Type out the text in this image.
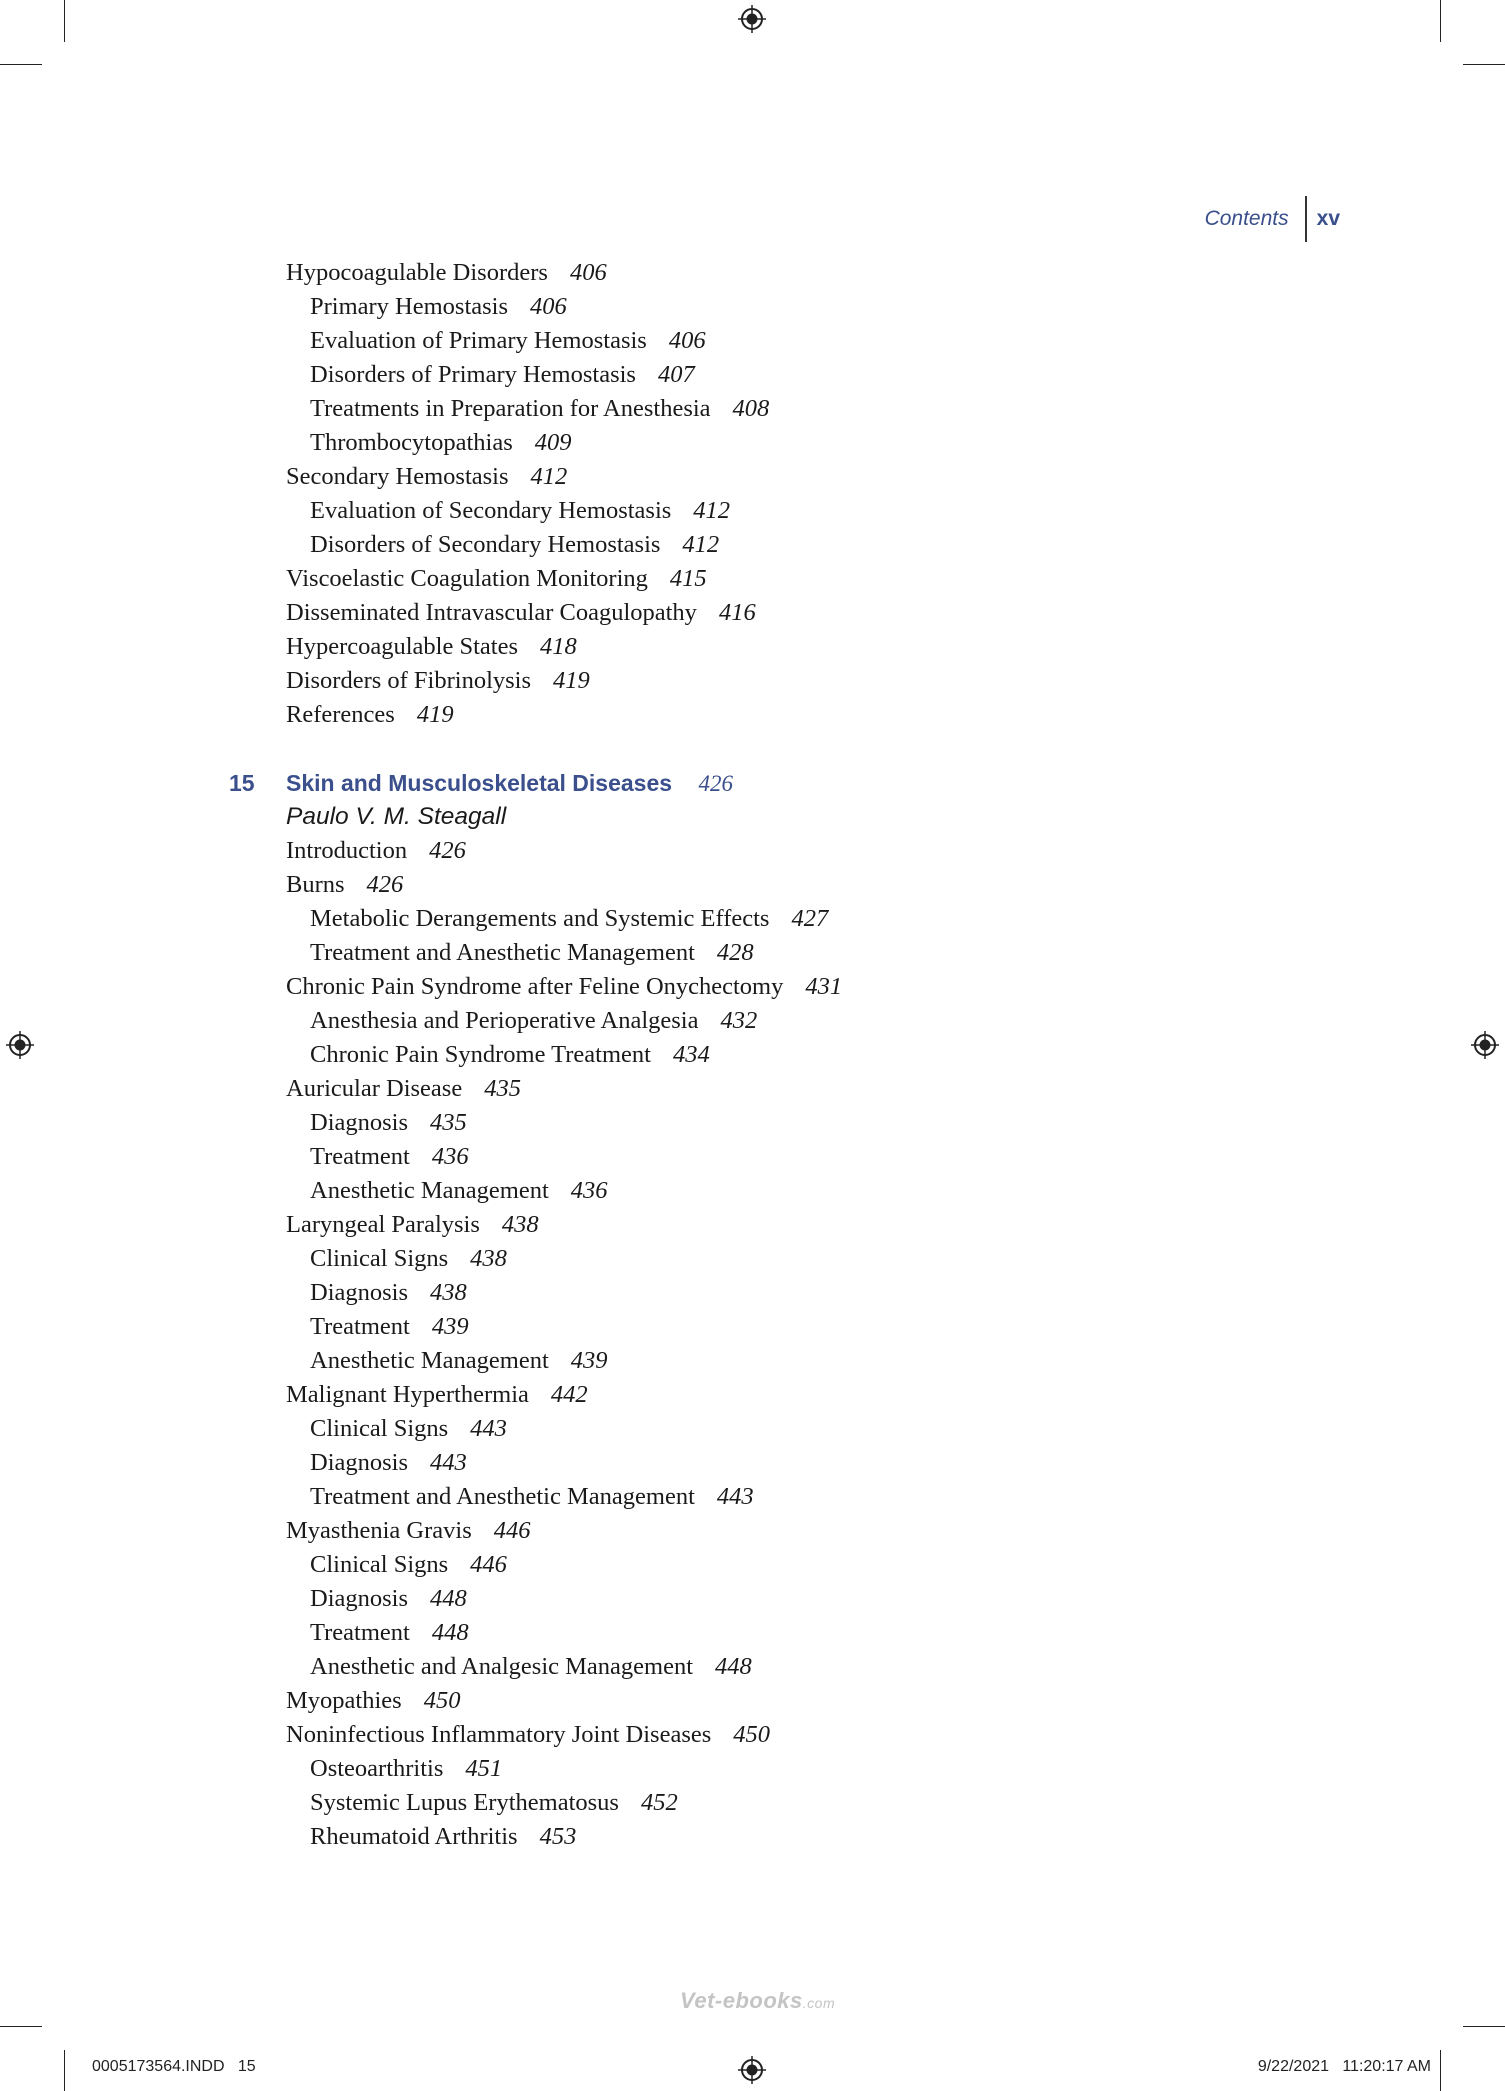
Contents	xv
Hypocoagulable Disorders 406
Primary Hemostasis 406
Evaluation of Primary Hemostasis 406
Disorders of Primary Hemostasis 407
Treatments in Preparation for Anesthesia 408
Thrombocytopathias 409
Secondary Hemostasis 412
Evaluation of Secondary Hemostasis 412
Disorders of Secondary Hemostasis 412
Viscoelastic Coagulation Monitoring 415
Disseminated Intravascular Coagulopathy 416
Hypercoagulable States 418
Disorders of Fibrinolysis 419
References 419
15 Skin and Musculoskeletal Diseases 426
Paulo V. M. Steagall
Introduction 426
Burns 426
Metabolic Derangements and Systemic Effects 427
Treatment and Anesthetic Management 428
Chronic Pain Syndrome after Feline Onychectomy 431
Anesthesia and Perioperative Analgesia 432
Chronic Pain Syndrome Treatment 434
Auricular Disease 435
Diagnosis 435
Treatment 436
Anesthetic Management 436
Laryngeal Paralysis 438
Clinical Signs 438
Diagnosis 438
Treatment 439
Anesthetic Management 439
Malignant Hyperthermia 442
Clinical Signs 443
Diagnosis 443
Treatment and Anesthetic Management 443
Myasthenia Gravis 446
Clinical Signs 446
Diagnosis 448
Treatment 448
Anesthetic and Analgesic Management 448
Myopathies 450
Noninfectious Inflammatory Joint Diseases 450
Osteoarthritis 451
Systemic Lupus Erythematosus 452
Rheumatoid Arthritis 453
Vet-ebooks.com
0005173564.INDD   15	9/22/2021   11:20:17 AM
